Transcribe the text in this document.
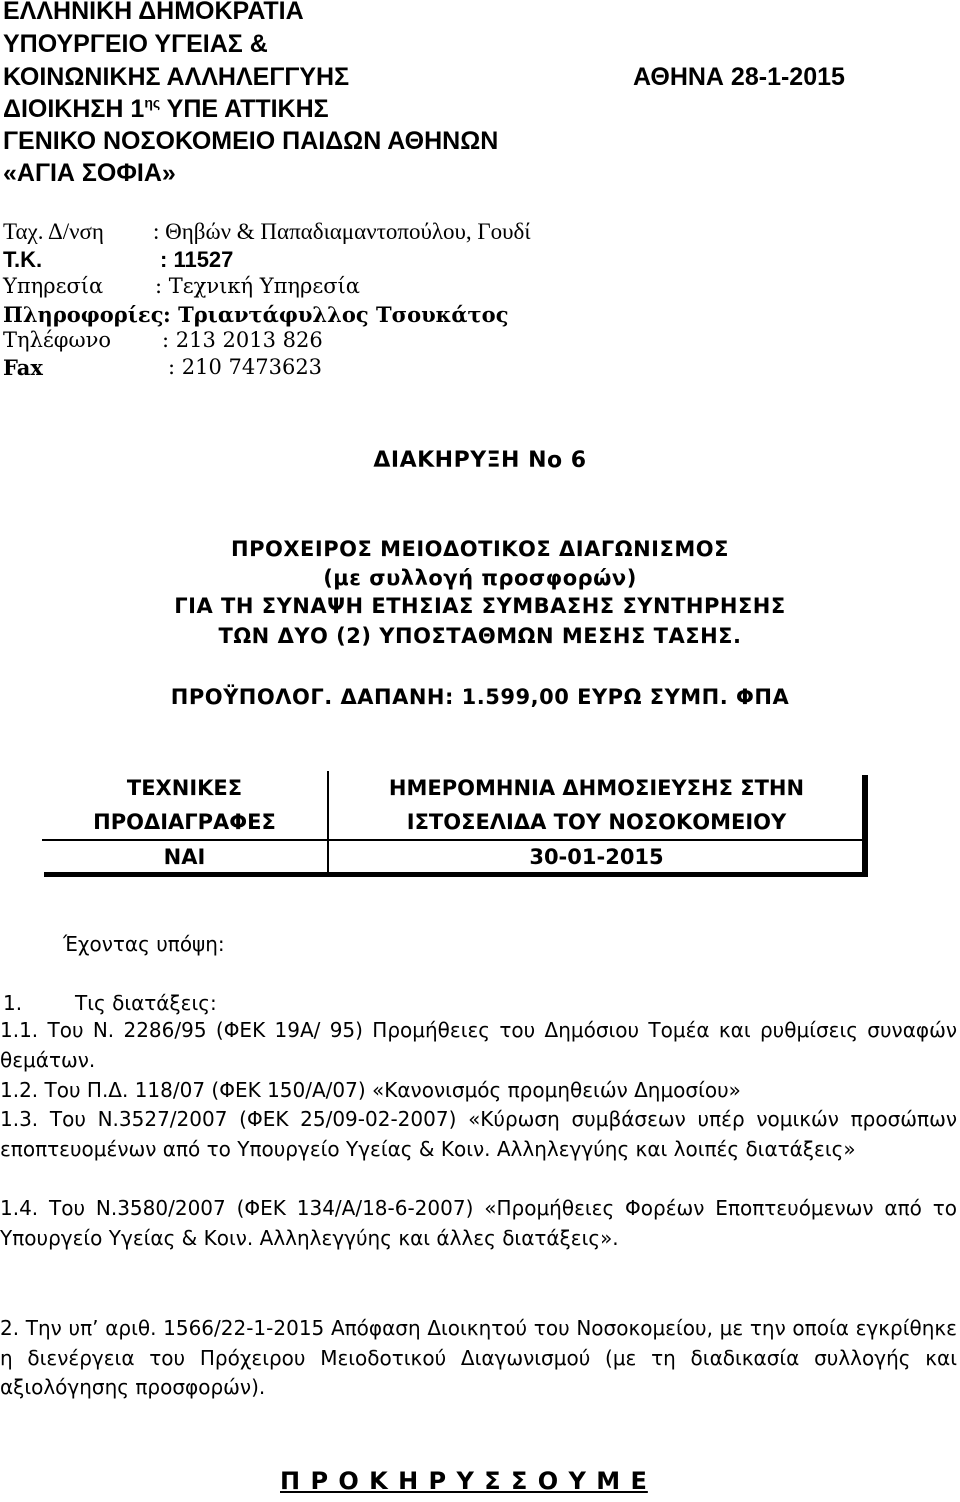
ΕΛΛΗΝΙΚΗ ΔΗΜΟΚΡΑΤΙΑ
ΥΠΟΥΡΓΕΙΟ ΥΓΕΙΑΣ &
ΚΟΙΝΩΝΙΚΗΣ ΑΛΛΗΛΕΓΓΥΗΣ	ΑΘΗΝΑ 28-1-2015
ΔΙΟΙΚΗΣΗ $1^{\eta\varsigma}$ ΥΠΕ ΑΤΤΙΚΗΣ
ΓΕΝΙΚΟ ΝΟΣΟΚΟΜΕΙΟ ΠΑΙΔΩΝ ΑΘΗΝΩΝ
«ΑΓΙΑ ΣΟΦΙΑ»
Ταχ. Δ/νση : Θηβών & Παπαδιαμαντοπούλου, Γουδί
Τ.Κ.	: 11527
Υπηρεσία : Τεχνική Υπηρεσία
Πληροφορίες : Τριαντάφυλλος Τσουκάτος
Τηλέφωνο : 213 2013 826
Fax	: 210 7473623
ΔΙΑΚΗΡΥΞΗ Νο 6
ΠΡΟΧΕΙΡΟΣ ΜΕΙΟΔΟΤΙΚΟΣ ΔΙΑΓΩΝΙΣΜΟΣ
(με συλλογή προσφορών)
ΓΙΑ ΤΗ ΣΥΝΑΨΗ ΕΤΗΣΙΑΣ ΣΥΜΒΑΣΗΣ ΣΥΝΤΗΡΗΣΗΣ
ΤΩΝ ΔΥΟ (2) ΥΠΟΣΤΑΘΜΩΝ ΜΕΣΗΣ ΤΑΣΗΣ.
ΠΡΟΫΠΟΛΟΓ. ΔΑΠΑΝΗ: 1.599,00 ΕΥΡΩ ΣΥΜΠ. ΦΠΑ
ΤΕΧΝΙΚΕΣ
ΠΡΟΔΙΑΓΡΑΦΕΣ	ΗΜΕΡΟΜΗΝΙΑ ΔΗΜΟΣΙΕΥΣΗΣ ΣΤΗΝ
ΙΣΤΟΣΕΛΙΔΑ ΤΟΥ ΝΟΣΟΚΟΜΕΙΟΥ
ΝΑΙ	30-01-2015
Έχοντας υπόψη:
1.	Τις διατάξεις:
1.1. Του Ν. 2286/95 (ΦΕΚ 19Α/ 95) Προμήθειες του Δημόσιου Τομέα και ρυθμίσεις συναφών θεμάτων.
1.2. Του Π.Δ. 118/07 (ΦΕΚ 150/Α/07) «Κανονισμός προμηθειών Δημοσίου»
1.3. Του Ν.3527/2007 (ΦΕΚ 25/09-02-2007) «Κύρωση συμβάσεων υπέρ νομικών προσώπων εποπτευομένων από το Υπουργείο Υγείας & Κοιν. Αλληλεγγύης και λοιπές διατάξεις»
1.4. Του Ν.3580/2007 (ΦΕΚ 134/Α/18-6-2007) «Προμήθειες Φορέων Εποπτευόμενων από το Υπουργείο Υγείας & Κοιν. Αλληλεγγύης και άλλες διατάξεις».
2. Την υπ’ αριθ. 1566/22-1-2015 Απόφαση Διοικητού του Νοσοκομείου, με την οποία εγκρίθηκε η διενέργεια του Πρόχειρου Μειοδοτικού Διαγωνισμού (με τη διαδικασία συλλογής και αξιολόγησης προσφορών).
Π Ρ Ο Κ Η Ρ Υ Σ Σ Ο Υ Μ Ε
